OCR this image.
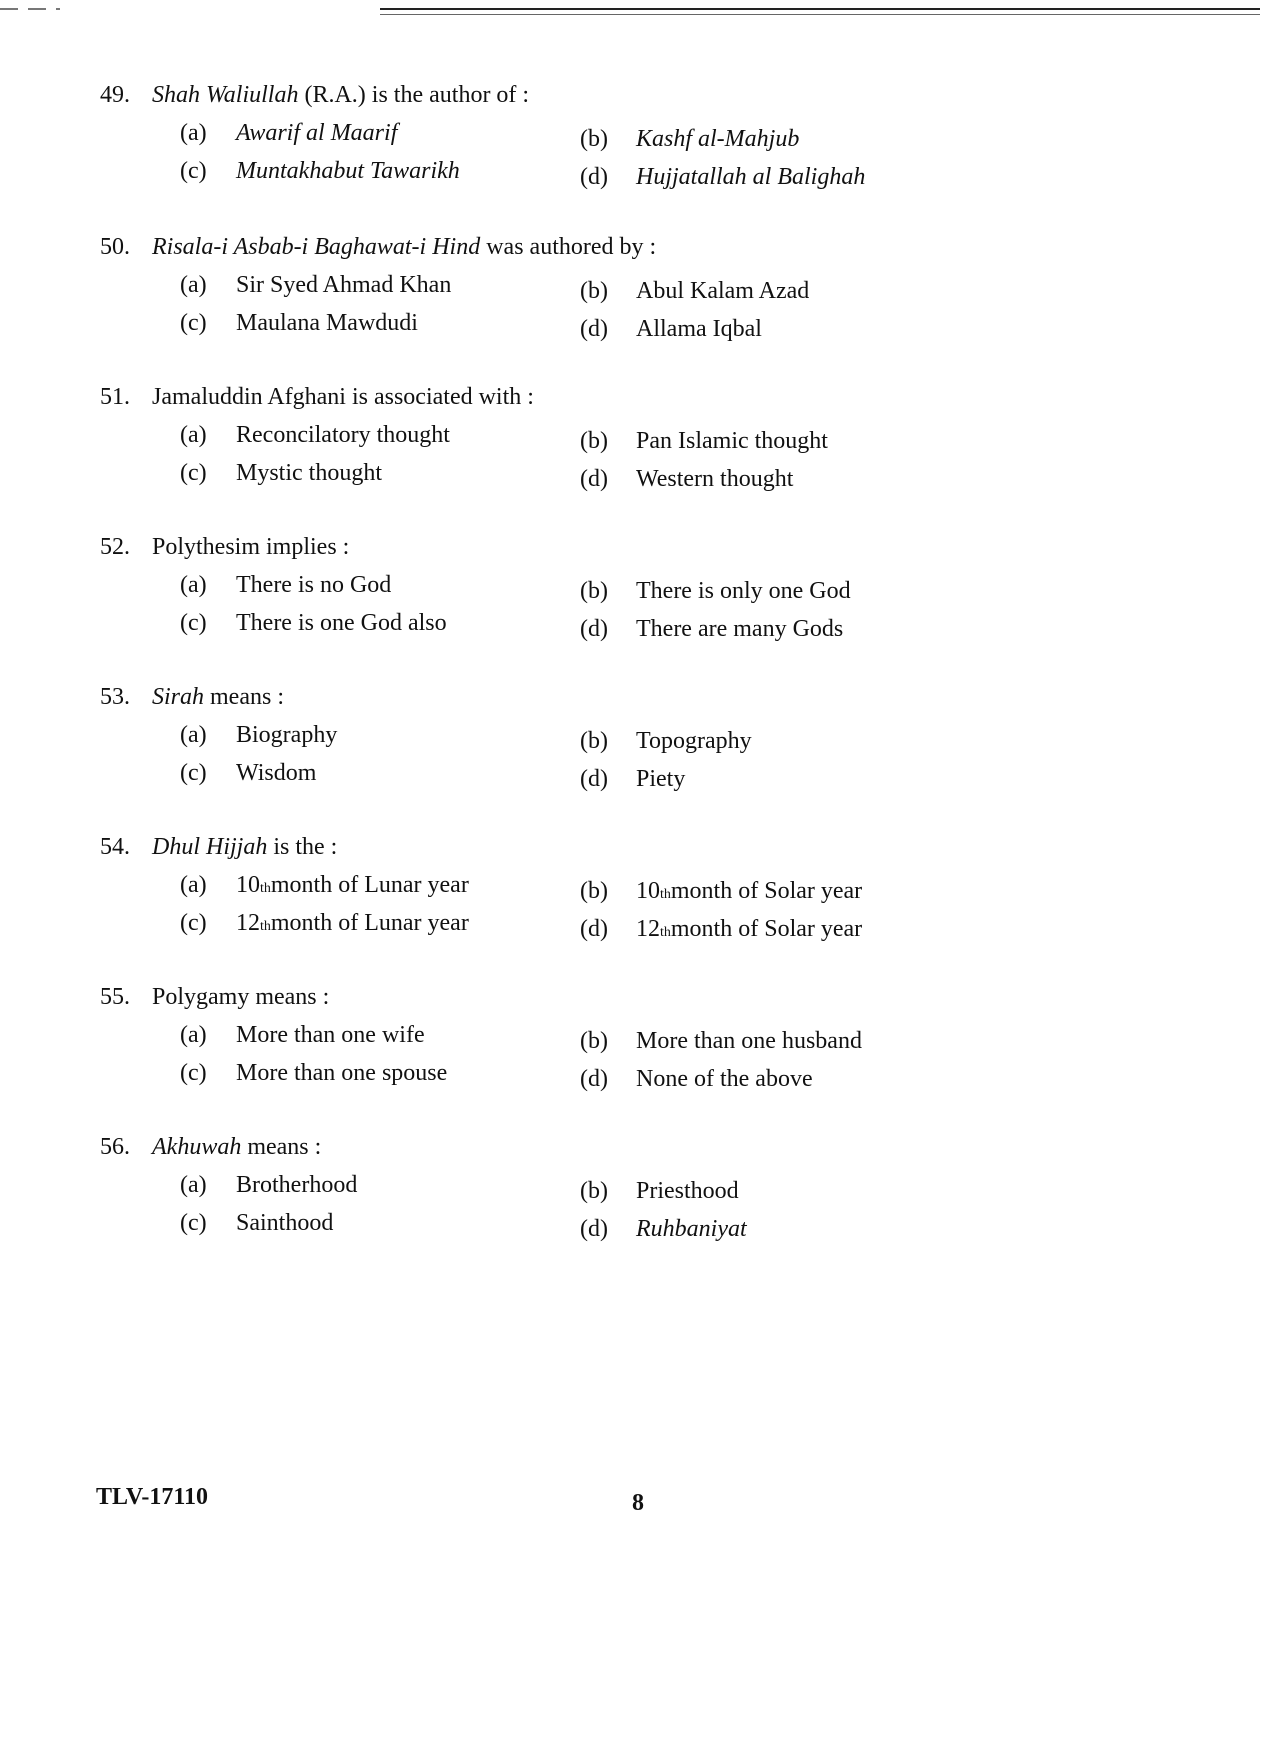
49. Shah Waliullah (R.A.) is the author of :
(a)	Awarif al Maarif	(b)	Kashf al-Mahjub
(c)	Muntakhabut Tawarikh	(d)	Hujjatallah al Balighah
50. Risala-i Asbab-i Baghawat-i Hind was authored by :
(a)	Sir Syed Ahmad Khan	(b)	Abul Kalam Azad
(c)	Maulana Mawdudi	(d)	Allama Iqbal
51. Jamaluddin Afghani is associated with :
(a)	Reconcilatory thought	(b)	Pan Islamic thought
(c)	Mystic thought	(d)	Western thought
52. Polythesim implies :
(a)	There is no God	(b)	There is only one God
(c)	There is one God also	(d)	There are many Gods
53. Sirah means :
(a)	Biography	(b)	Topography
(c)	Wisdom	(d)	Piety
54. Dhul Hijjah is the :
(a)	10 th month of Lunar year	(b)	10 th month of Solar year
(c)	12 th month of Lunar year	(d)	12 th month of Solar year
55. Polygamy means :
(a)	More than one wife	(b)	More than one husband
(c)	More than one spouse	(d)	None of the above
56. Akhuwah means :
(a)	Brotherhood	(b)	Priesthood
(c)	Sainthood	(d)	Ruhbaniyat
TLV-17110	8
